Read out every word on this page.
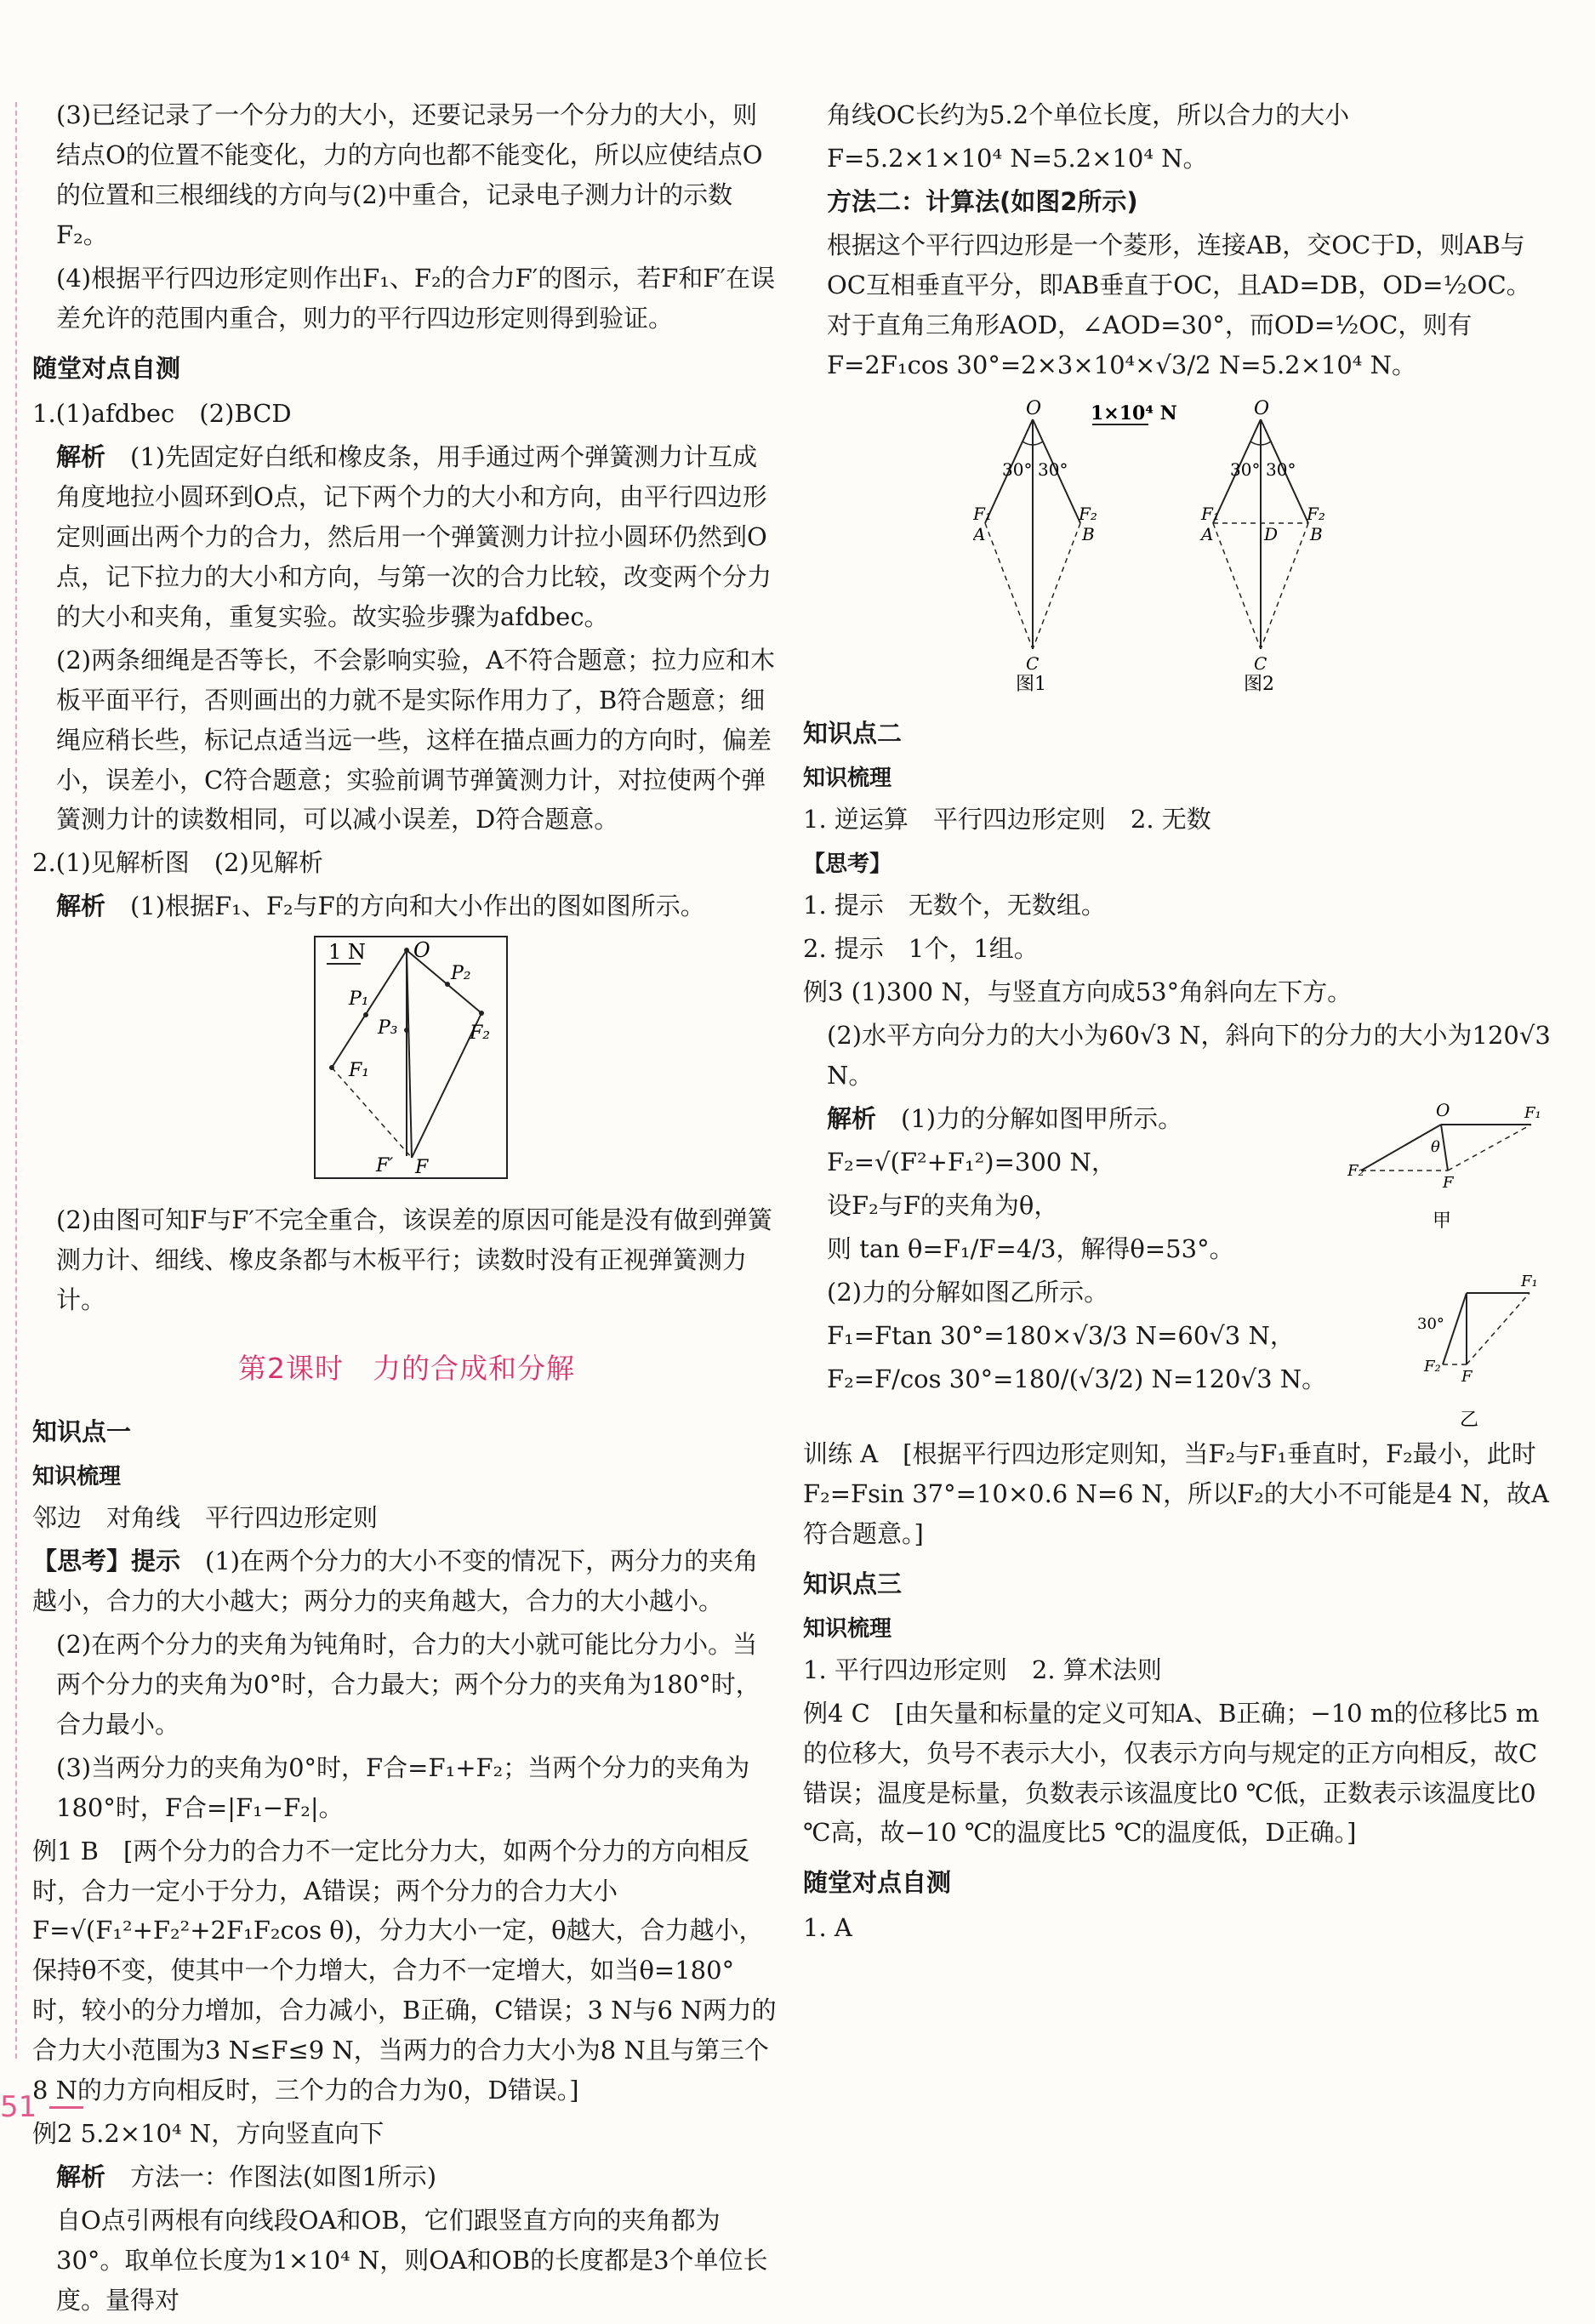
(3)已经记录了一个分力的大小，还要记录另一个分力的大小，则结点O的位置不能变化，力的方向也都不能变化，所以应使结点O的位置和三根细线的方向与(2)中重合，记录电子测力计的示数F₂。

(4)根据平行四边形定则作出F₁、F₂的合力F′的图示，若F和F′在误差允许的范围内重合，则力的平行四边形定则得到验证。

随堂对点自测

1.(1)afdbec　(2)BCD

解析　 (1)先固定好白纸和橡皮条，用手通过两个弹簧测力计互成角度地拉小圆环到O点，记下两个力的大小和方向，由平行四边形定则画出两个力的合力，然后用一个弹簧测力计拉小圆环仍然到O点，记下拉力的大小和方向，与第一次的合力比较，改变两个分力的大小和夹角，重复实验。故实验步骤为afdbec。

(2)两条细绳是否等长，不会影响实验，A不符合题意；拉力应和木板平面平行，否则画出的力就不是实际作用力了，B符合题意；细绳应稍长些，标记点适当远一些，这样在描点画力的方向时，偏差小，误差小，C符合题意；实验前调节弹簧测力计，对拉使两个弹簧测力计的读数相同，可以减小误差，D符合题意。

2.(1)见解析图　(2)见解析

解析　 (1)根据F₁、F₂与F的方向和大小作出的图如图所示。

1 N O
P₁
P₂
P₃
F₁
F₂
F′ F

(2)由图可知F与F′不完全重合，该误差的原因可能是没有做到弹簧测力计、细线、橡皮条都与木板平行；读数时没有正视弹簧测力计。

第2课时　力的合成和分解
知识点一
知识梳理

邻边　对角线　平行四边形定则

【思考】提示　 (1)在两个分力的大小不变的情况下，两分力的夹角越小，合力的大小越大；两分力的夹角越大，合力的大小越小。

(2)在两个分力的夹角为钝角时，合力的大小就可能比分力小。当两个分力的夹角为0°时，合力最大；两个分力的夹角为180°时，合力最小。

(3)当两分力的夹角为0°时，F合=F₁+F₂；当两个分力的夹角为180°时，F合=|F₁−F₂|。

例1 B　[两个分力的合力不一定比分力大，如两个分力的方向相反时，合力一定小于分力，A错误；两个分力的合力大小F=√(F₁²+F₂²+2F₁F₂cos θ)，分力大小一定，θ越大，合力越小，保持θ不变，使其中一个力增大，合力不一定增大，如当θ=180°时，较小的分力增加，合力减小，B正确，C错误；3 N与6 N两力的合力大小范围为3 N≤F≤9 N，当两力的合力大小为8 N且与第三个8 N的力方向相反时，三个力的合力为0，D错误。]

例2 5.2×10⁴ N，方向竖直向下

解析　 方法一：作图法(如图1所示)

自O点引两根有向线段OA和OB，它们跟竖直方向的夹角都为30°。取单位长度为1×10⁴ N，则OA和OB的长度都是3个单位长度。量得对

角线OC长约为5.2个单位长度，所以合力的大小

F=5.2×1×10⁴ N=5.2×10⁴ N。

方法二：计算法(如图2所示)

根据这个平行四边形是一个菱形，连接AB，交OC于D，则AB与OC互相垂直平分，即AB垂直于OC，且AD=DB，OD=½OC。对于直角三角形AOD，∠AOD=30°，而OD=½OC，则有F=2F₁cos 30°=2×3×10⁴×√3/2 N=5.2×10⁴ N。

1×10⁴ N
O
30° 30°
F₁
A
F₂
B
C
图1
O
30° 30°
F₁
A
F₂
B
D
C
图2
知识点二
知识梳理

1. 逆运算　平行四边形定则　2. 无数

【思考】

1. 提示　无数个，无数组。

2. 提示　1个，1组。

例3 (1)300 N，与竖直方向成53°角斜向左下方。

(2)水平方向分力的大小为60√3 N，斜向下的分力的大小为120√3 N。

解析　 (1)力的分解如图甲所示。

F₂=√(F²+F₁²)=300 N，

设F₂与F的夹角为θ，

则 tan θ=F₁/F=4/3，解得θ=53°。

O	F₁
F₂
θ
F
甲

(2)力的分解如图乙所示。

F₁=Ftan 30°=180×√3/3 N=60√3 N，

F₂=F/cos 30°=180/(√3/2) N=120√3 N。

F₁
30°
F₂
F
乙

训练 A　[根据平行四边形定则知，当F₂与F₁垂直时，F₂最小，此时F₂=Fsin 37°=10×0.6 N=6 N，所以F₂的大小不可能是4 N，故A符合题意。]

知识点三
知识梳理

1. 平行四边形定则　2. 算术法则

例4 C　[由矢量和标量的定义可知A、B正确；−10 m的位移比5 m的位移大，负号不表示大小，仅表示方向与规定的正方向相反，故C错误；温度是标量，负数表示该温度比0 ℃低，正数表示该温度比0 ℃高，故−10 ℃的温度比5 ℃的温度低，D正确。]

随堂对点自测

1. A

51
